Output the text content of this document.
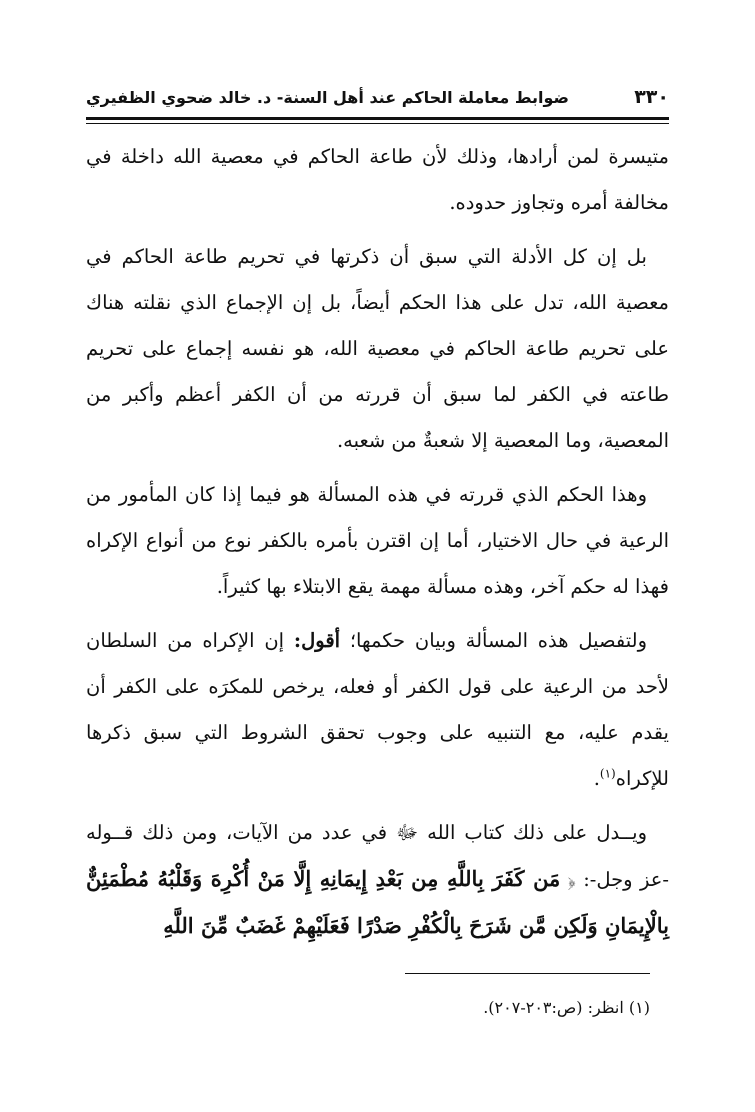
٣٣٠
ضوابط معاملة الحاكم عند أهل السنة- د. خالد ضحوي الظفيري

متيسرة لمن أرادها، وذلك لأن طاعة الحاكم في معصية الله داخلة في مخالفة أمره وتجاوز حدوده.

بل إن كل الأدلة التي سبق أن ذكرتها في تحريم طاعة الحاكم في معصية الله، تدل على هذا الحكم أيضاً، بل إن الإجماع الذي نقلته هناك على تحريم طاعة الحاكم في معصية الله، هو نفسه إجماع على تحريم طاعته في الكفر لما سبق أن قررته من أن الكفر أعظم وأكبر من المعصية، وما المعصية إلا شعبةٌ من شعبه.

وهذا الحكم الذي قررته في هذه المسألة هو فيما إذا كان المأمور من الرعية في حال الاختيار، أما إن اقترن بأمره بالكفر نوع من أنواع الإكراه فهذا له حكم آخر، وهذه مسألة مهمة يقع الابتلاء بها كثيراً.

ولتفصيل هذه المسألة وبيان حكمها؛ أقول: إن الإكراه من السلطان لأحد من الرعية على قول الكفر أو فعله، يرخص للمكرَه على الكفر أن يقدم عليه، مع التنبيه على وجوب تحقق الشروط التي سبق ذكرها للإكراه$^{(١)}$.

ويــدل على ذلك كتاب الله ﷻ في عدد من الآيات، ومن ذلك قــوله -عز وجل-: ﴿ مَن كَفَرَ بِاللَّهِ مِن بَعْدِ إِيمَانِهِ إِلَّا مَنْ أُكْرِهَ وَقَلْبُهُ مُطْمَئِنٌّ بِالْإِيمَانِ وَلَكِن مَّن شَرَحَ بِالْكُفْرِ صَدْرًا فَعَلَيْهِمْ غَضَبٌ مِّنَ اللَّهِ

(١) انظر: (ص:٢٠٣-٢٠٧).
